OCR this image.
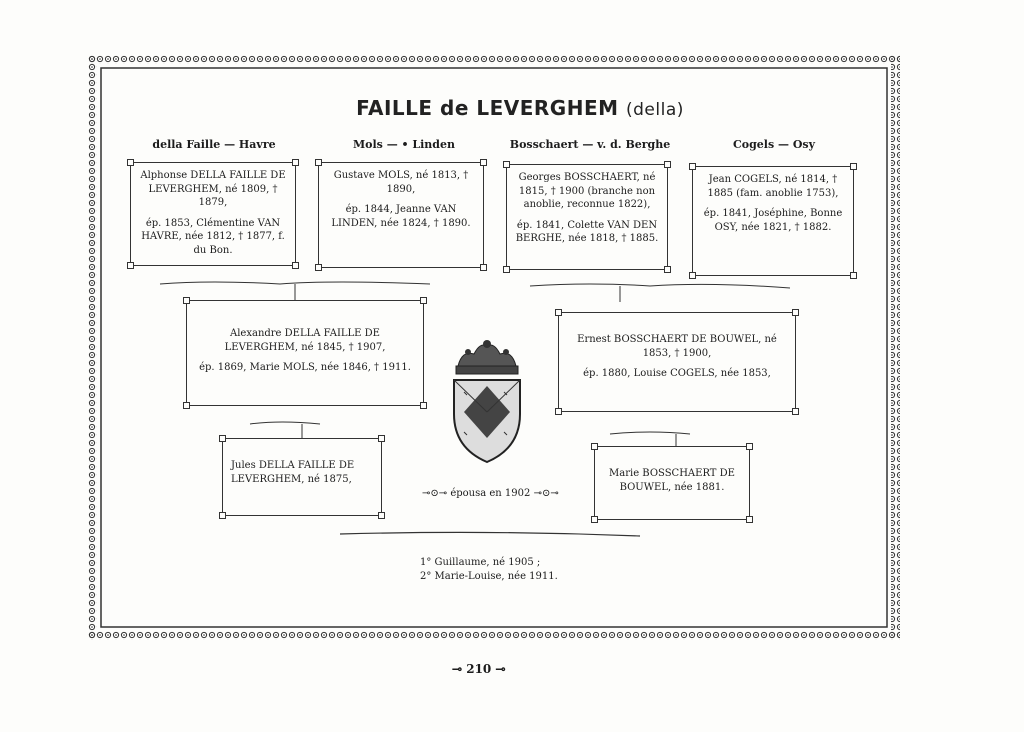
FAILLE de LEVERGHEM (della)
della Faille — Havre	Mols — • Linden	Bosschaert — v. d. Berghe	Cogels — Osy

Alphonse DELLA FAILLE DE LEVERGHEM, né 1809, † 1879,

ép. 1853, Clémentine VAN HAVRE, née 1812, † 1877, f. du Bon.

Gustave MOLS, né 1813, † 1890,

ép. 1844, Jeanne VAN LINDEN, née 1824, † 1890.

Georges BOSSCHAERT, né 1815, † 1900 (branche non anoblie, reconnue 1822),

ép. 1841, Colette VAN DEN BERGHE, née 1818, † 1885.

Jean COGELS, né 1814, † 1885 (fam. anoblie 1753),

ép. 1841, Joséphine, Bonne OSY, née 1821, † 1882.

Alexandre DELLA FAILLE DE LEVERGHEM, né 1845, † 1907,

ép. 1869, Marie MOLS, née 1846, † 1911.

Ernest BOSSCHAERT DE BOUWEL, né 1853, † 1900,

ép. 1880, Louise COGELS, née 1853,

Jules DELLA FAILLE DE LEVERGHEM, né 1875,	Marie BOSSCHAERT DE BOUWEL, née 1881.

⊸⊙⊸ épousa en 1902 ⊸⊙⊸
1° Guillaume, né 1905 ;
2° Marie-Louise, née 1911.
⊸ 210 ⊸
